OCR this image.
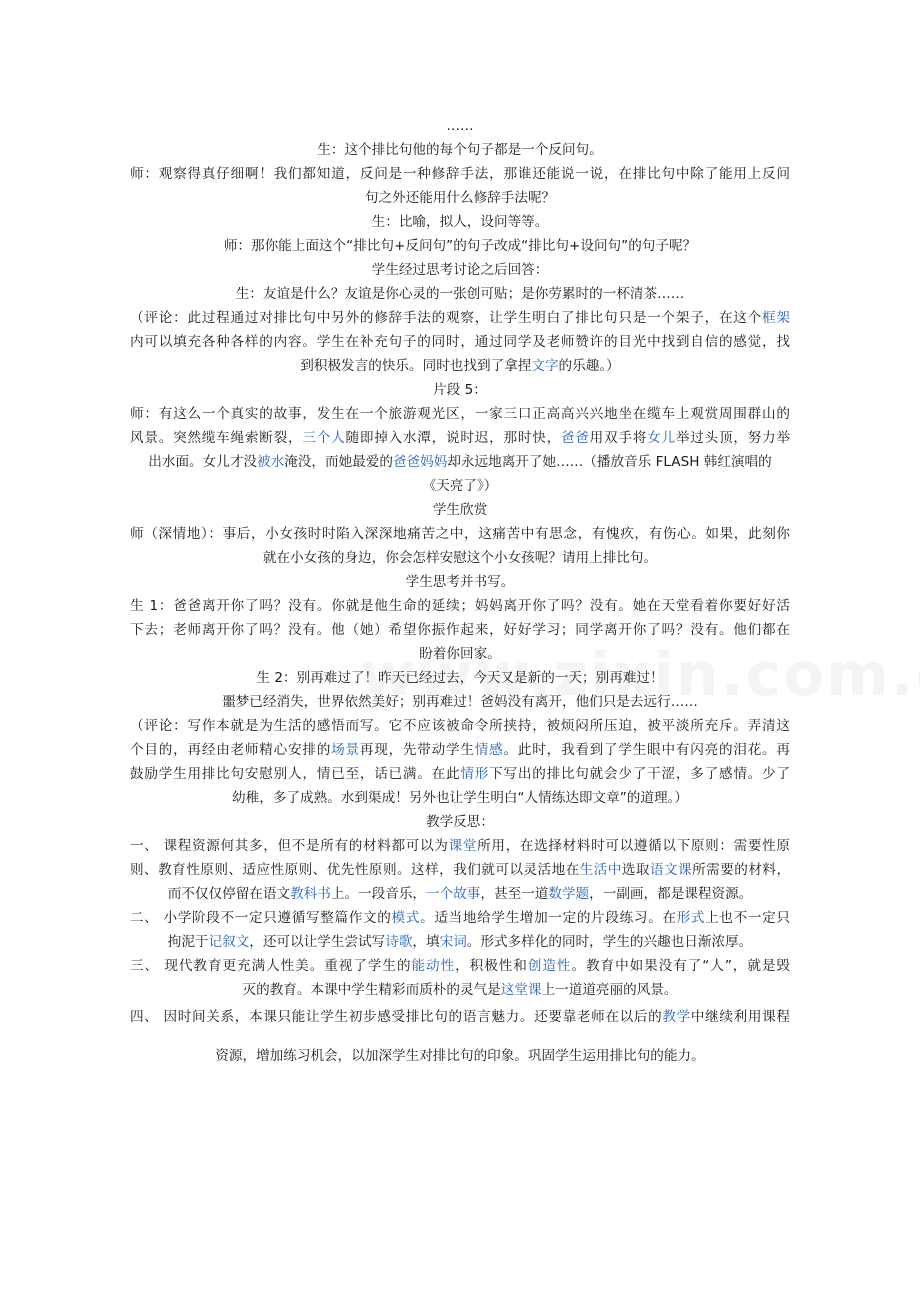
……

生：这个排比句他的每个句子都是一个反问句。

师：观察得真仔细啊！我们都知道，反问是一种修辞手法，那谁还能说一说，在排比句中除了能用上反问

句之外还能用什么修辞手法呢？

生：比喻，拟人，设问等等。

师：那你能上面这个“排比句+反问句”的句子改成“排比句+设问句”的句子呢？

学生经过思考讨论之后回答：

生：友谊是什么？友谊是你心灵的一张创可贴；是你劳累时的一杯清茶……

（评论：此过程通过对排比句中另外的修辞手法的观察，让学生明白了排比句只是一个架子，在这个框架

内可以填充各种各样的内容。学生在补充句子的同时，通过同学及老师赞许的目光中找到自信的感觉，找

到积极发言的快乐。同时也找到了拿捏文字的乐趣。）

片段 5：

师：有这么一个真实的故事，发生在一个旅游观光区，一家三口正高高兴兴地坐在缆车上观赏周围群山的

风景。突然缆车绳索断裂，三个人随即掉入水潭，说时迟，那时快，爸爸用双手将女儿举过头顶，努力举

出水面。女儿才没被水淹没，而她最爱的爸爸妈妈却永远地离开了她……（播放音乐 FLASH 韩红演唱的

《天亮了》）

学生欣赏

师（深情地）：事后，小女孩时时陷入深深地痛苦之中，这痛苦中有思念，有愧疚，有伤心。如果，此刻你

就在小女孩的身边，你会怎样安慰这个小女孩呢？请用上排比句。

学生思考并书写。

生 1：爸爸离开你了吗？没有。你就是他生命的延续；妈妈离开你了吗？没有。她在天堂看着你要好好活

下去；老师离开你了吗？没有。他（她）希望你振作起来，好好学习；同学离开你了吗？没有。他们都在

盼着你回家。

生 2：别再难过了！昨天已经过去，今天又是新的一天；别再难过！

噩梦已经消失，世界依然美好；别再难过！爸妈没有离开，他们只是去远行……

（评论：写作本就是为生活的感悟而写。它不应该被命令所挟持，被烦闷所压迫，被平淡所充斥。弄清这

个目的，再经由老师精心安排的场景再现，先带动学生情感。此时，我看到了学生眼中有闪亮的泪花。再

鼓励学生用排比句安慰别人，情已至，话已满。在此情形下写出的排比句就会少了干涩，多了感情。少了

幼稚，多了成熟。水到渠成！另外也让学生明白“人情练达即文章”的道理。）

教学反思：

一、 课程资源何其多，但不是所有的材料都可以为课堂所用，在选择材料时可以遵循以下原则：需要性原

则、教育性原则、适应性原则、优先性原则。这样，我们就可以灵活地在生活中选取语文课所需要的材料，

而不仅仅停留在语文教科书上。一段音乐，一个故事，甚至一道数学题，一副画，都是课程资源。

二、 小学阶段不一定只遵循写整篇作文的模式。适当地给学生增加一定的片段练习。在形式上也不一定只

拘泥于记叙文，还可以让学生尝试写诗歌，填宋词。形式多样化的同时，学生的兴趣也日渐浓厚。

三、 现代教育更充满人性美。重视了学生的能动性，积极性和创造性。教育中如果没有了“人”，就是毁

灭的教育。本课中学生精彩而质朴的灵气是这堂课上一道道亮丽的风景。

四、 因时间关系，本课只能让学生初步感受排比句的语言魅力。还要靠老师在以后的教学中继续利用课程

资源，增加练习机会，以加深学生对排比句的印象。巩固学生运用排比句的能力。
